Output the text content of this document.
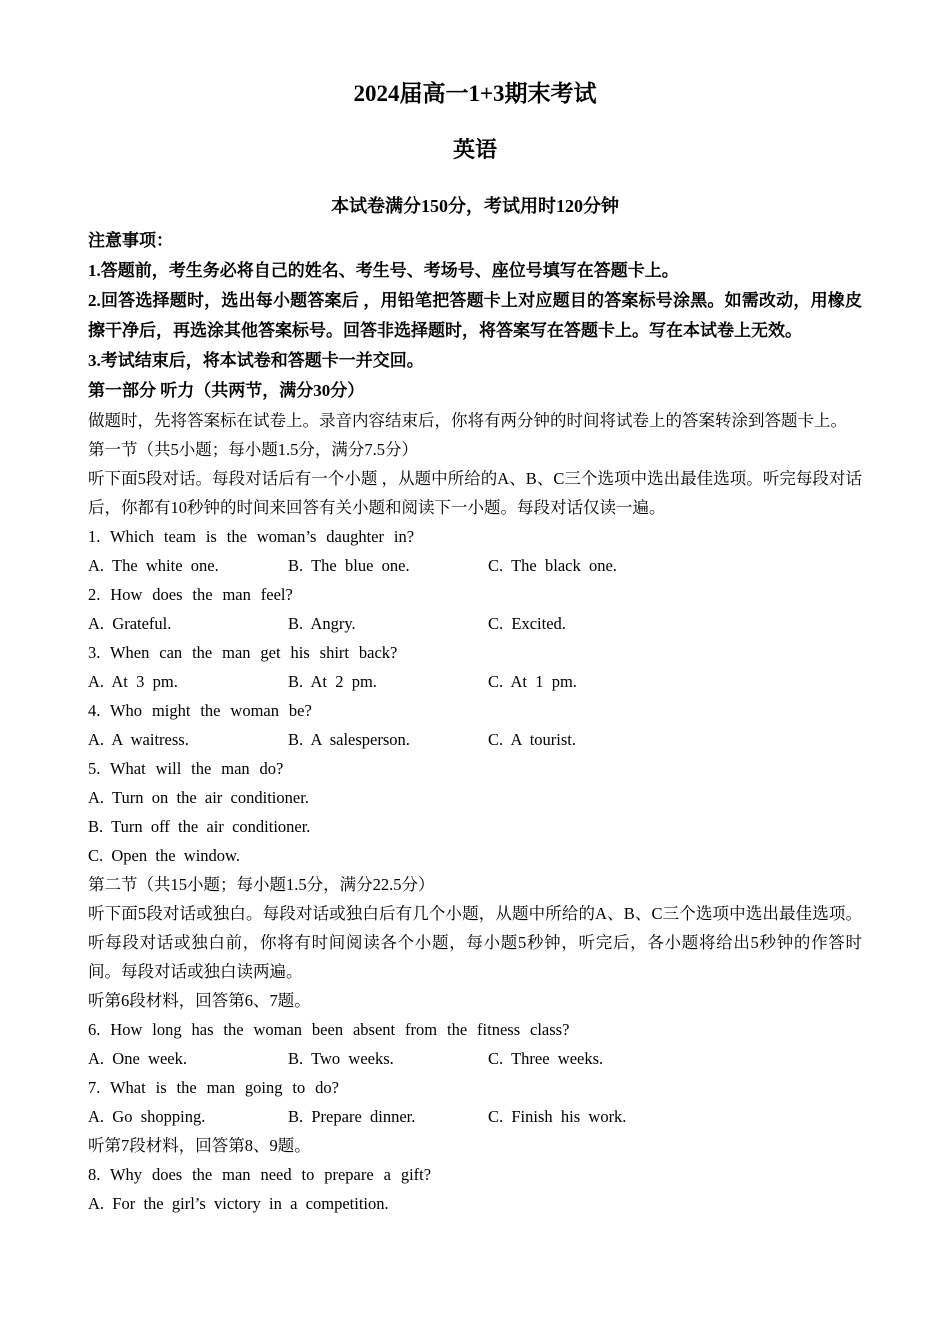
2024届高一1+3期末考试
英语
本试卷满分150分，考试用时120分钟
注意事项：
1.答题前，考生务必将自己的姓名、考生号、考场号、座位号填写在答题卡上。
2.回答选择题时，选出每小题答案后 ，用铅笔把答题卡上对应题目的答案标号涂黑。如需改动，用橡皮擦干净后，再选涂其他答案标号。回答非选择题时，将答案写在答题卡上。写在本试卷上无效。
3.考试结束后，将本试卷和答题卡一并交回。
第一部分 听力（共两节，满分30分）
做题时，先将答案标在试卷上。录音内容结束后，你将有两分钟的时间将试卷上的答案转涂到答题卡上。
第一节（共5小题；每小题1.5分，满分7.5分）
听下面5段对话。每段对话后有一个小题 ，从题中所给的A、B、C三个选项中选出最佳选项。听完每段对话后，你都有10秒钟的时间来回答有关小题和阅读下一小题。每段对话仅读一遍。
1. Which team is the woman’s daughter in?
A. The white one.	B. The blue one.	C. The black one.
2. How does the man feel?
A. Grateful.	B. Angry.	C. Excited.
3. When can the man get his shirt back?
A. At 3 pm.	B. At 2 pm.	C. At 1 pm.
4. Who might the woman be?
A. A waitress.	B. A salesperson.	C. A tourist.
5. What will the man do?
A. Turn on the air conditioner.
B. Turn off the air conditioner.
C. Open the window.
第二节（共15小题；每小题1.5分，满分22.5分）
听下面5段对话或独白。每段对话或独白后有几个小题，从题中所给的A、B、C三个选项中选出最佳选项。听每段对话或独白前，你将有时间阅读各个小题，每小题5秒钟，听完后，各小题将给出5秒钟的作答时间。每段对话或独白读两遍。
听第6段材料，回答第6、7题。
6. How long has the woman been absent from the fitness class?
A. One week.	B. Two weeks.	C. Three weeks.
7. What is the man going to do?
A. Go shopping.	B. Prepare dinner.	C. Finish his work.
听第7段材料，回答第8、9题。
8. Why does the man need to prepare a gift?
A. For the girl’s victory in a competition.
